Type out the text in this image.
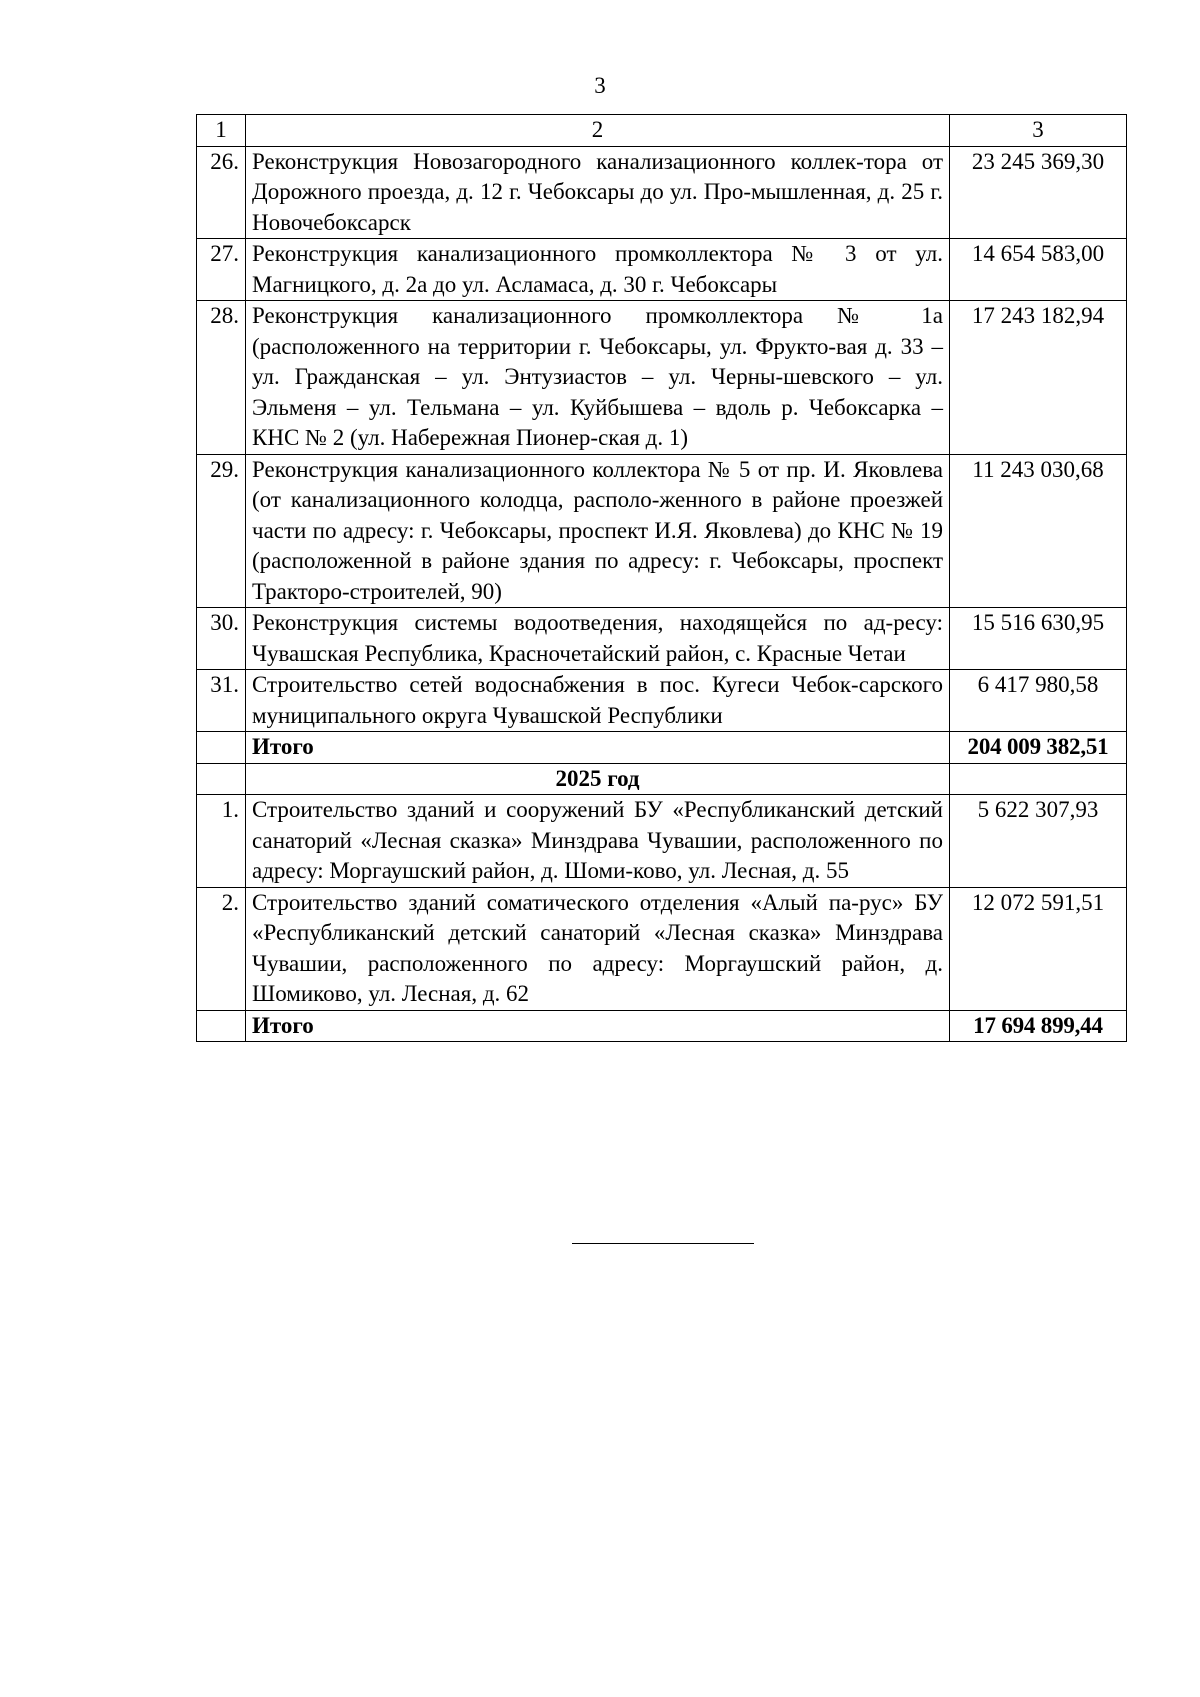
3
1	2	3
26.	Реконструкция Новозагородного канализационного коллек-тора от Дорожного проезда, д. 12 г. Чебоксары до ул. Про-мышленная, д. 25 г. Новочебоксарск	23 245 369,30
27.	Реконструкция канализационного промколлектора № 3 от ул. Магницкого, д. 2а до ул. Асламаса, д. 30 г. Чебоксары	14 654 583,00
28.	Реконструкция канализационного промколлектора № 1а (расположенного на территории г. Чебоксары, ул. Фрукто-вая д. 33 – ул. Гражданская – ул. Энтузиастов – ул. Черны-шевского – ул. Эльменя – ул. Тельмана – ул. Куйбышева – вдоль р. Чебоксарка – КНС № 2 (ул. Набережная Пионер-ская д. 1)	17 243 182,94
29.	Реконструкция канализационного коллектора № 5 от пр. И. Яковлева (от канализационного колодца, располо-женного в районе проезжей части по адресу: г. Чебоксары, проспект И.Я. Яковлева) до КНС № 19 (расположенной в районе здания по адресу: г. Чебоксары, проспект Тракторо-строителей, 90)	11 243 030,68
30.	Реконструкция системы водоотведения, находящейся по ад-ресу: Чувашская Республика, Красночетайский район, с. Красные Четаи	15 516 630,95
31.	Строительство сетей водоснабжения в пос. Кугеси Чебок-сарского муниципального округа Чувашской Республики	6 417 980,58
	Итого	204 009 382,51
	2025 год	
1.	Строительство зданий и сооружений БУ «Республиканский детский санаторий «Лесная сказка» Минздрава Чувашии, расположенного по адресу: Моргаушский район, д. Шоми-ково, ул. Лесная, д. 55	5 622 307,93
2.	Строительство зданий соматического отделения «Алый па-рус» БУ «Республиканский детский санаторий «Лесная сказка» Минздрава Чувашии, расположенного по адресу: Моргаушский район, д. Шомиково, ул. Лесная, д. 62	12 072 591,51
	Итого	17 694 899,44
